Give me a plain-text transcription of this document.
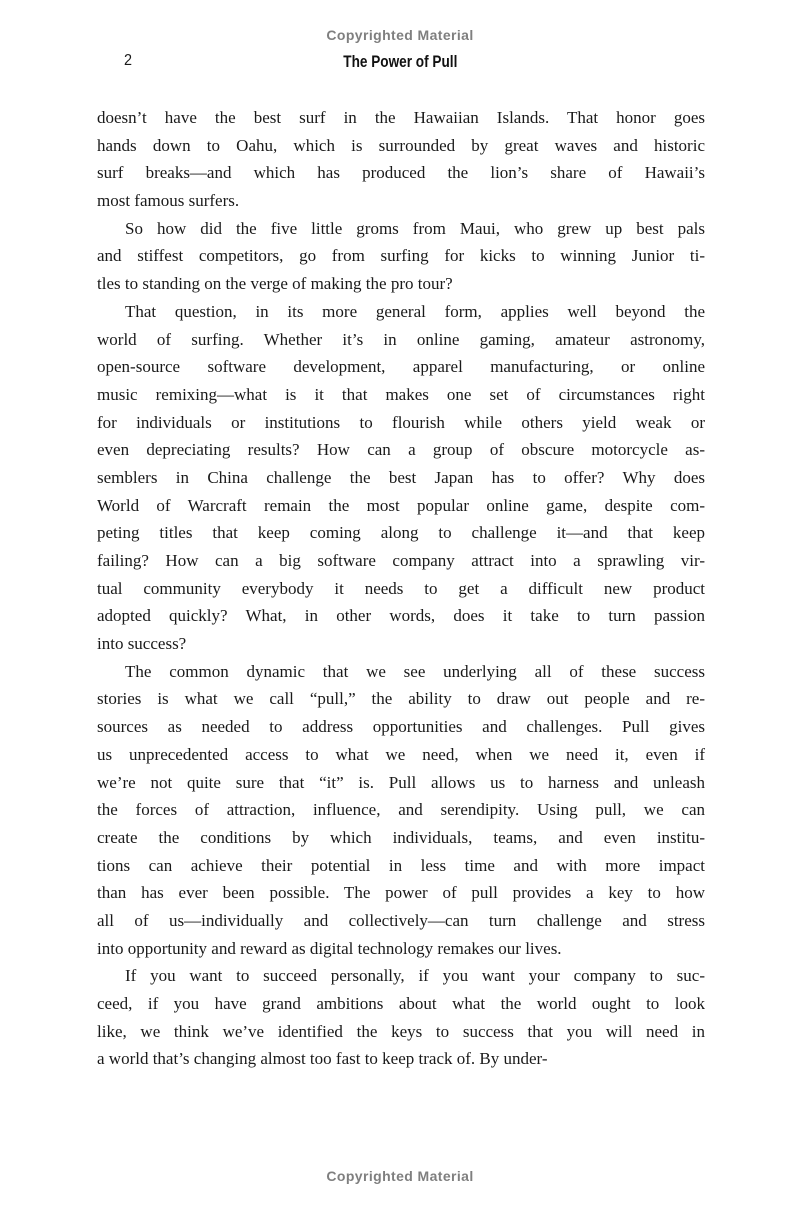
Copyrighted Material
2	The Power of Pull
doesn’t have the best surf in the Hawaiian Islands. That honor goes
hands down to Oahu, which is surrounded by great waves and historic
surf breaks—and which has produced the lion’s share of Hawaii’s
most famous surfers.
So how did the five little groms from Maui, who grew up best pals
and stiffest competitors, go from surfing for kicks to winning Junior ti-
tles to standing on the verge of making the pro tour?
That question, in its more general form, applies well beyond the
world of surfing. Whether it’s in online gaming, amateur astronomy,
open-source software development, apparel manufacturing, or online
music remixing—what is it that makes one set of circumstances right
for individuals or institutions to flourish while others yield weak or
even depreciating results? How can a group of obscure motorcycle as-
semblers in China challenge the best Japan has to offer? Why does
World of Warcraft remain the most popular online game, despite com-
peting titles that keep coming along to challenge it—and that keep
failing? How can a big software company attract into a sprawling vir-
tual community everybody it needs to get a difficult new product
adopted quickly? What, in other words, does it take to turn passion
into success?
The common dynamic that we see underlying all of these success
stories is what we call “pull,” the ability to draw out people and re-
sources as needed to address opportunities and challenges. Pull gives
us unprecedented access to what we need, when we need it, even if
we’re not quite sure that “it” is. Pull allows us to harness and unleash
the forces of attraction, influence, and serendipity. Using pull, we can
create the conditions by which individuals, teams, and even institu-
tions can achieve their potential in less time and with more impact
than has ever been possible. The power of pull provides a key to how
all of us—individually and collectively—can turn challenge and stress
into opportunity and reward as digital technology remakes our lives.
If you want to succeed personally, if you want your company to suc-
ceed, if you have grand ambitions about what the world ought to look
like, we think we’ve identified the keys to success that you will need in
a world that’s changing almost too fast to keep track of. By under-
Copyrighted Material
